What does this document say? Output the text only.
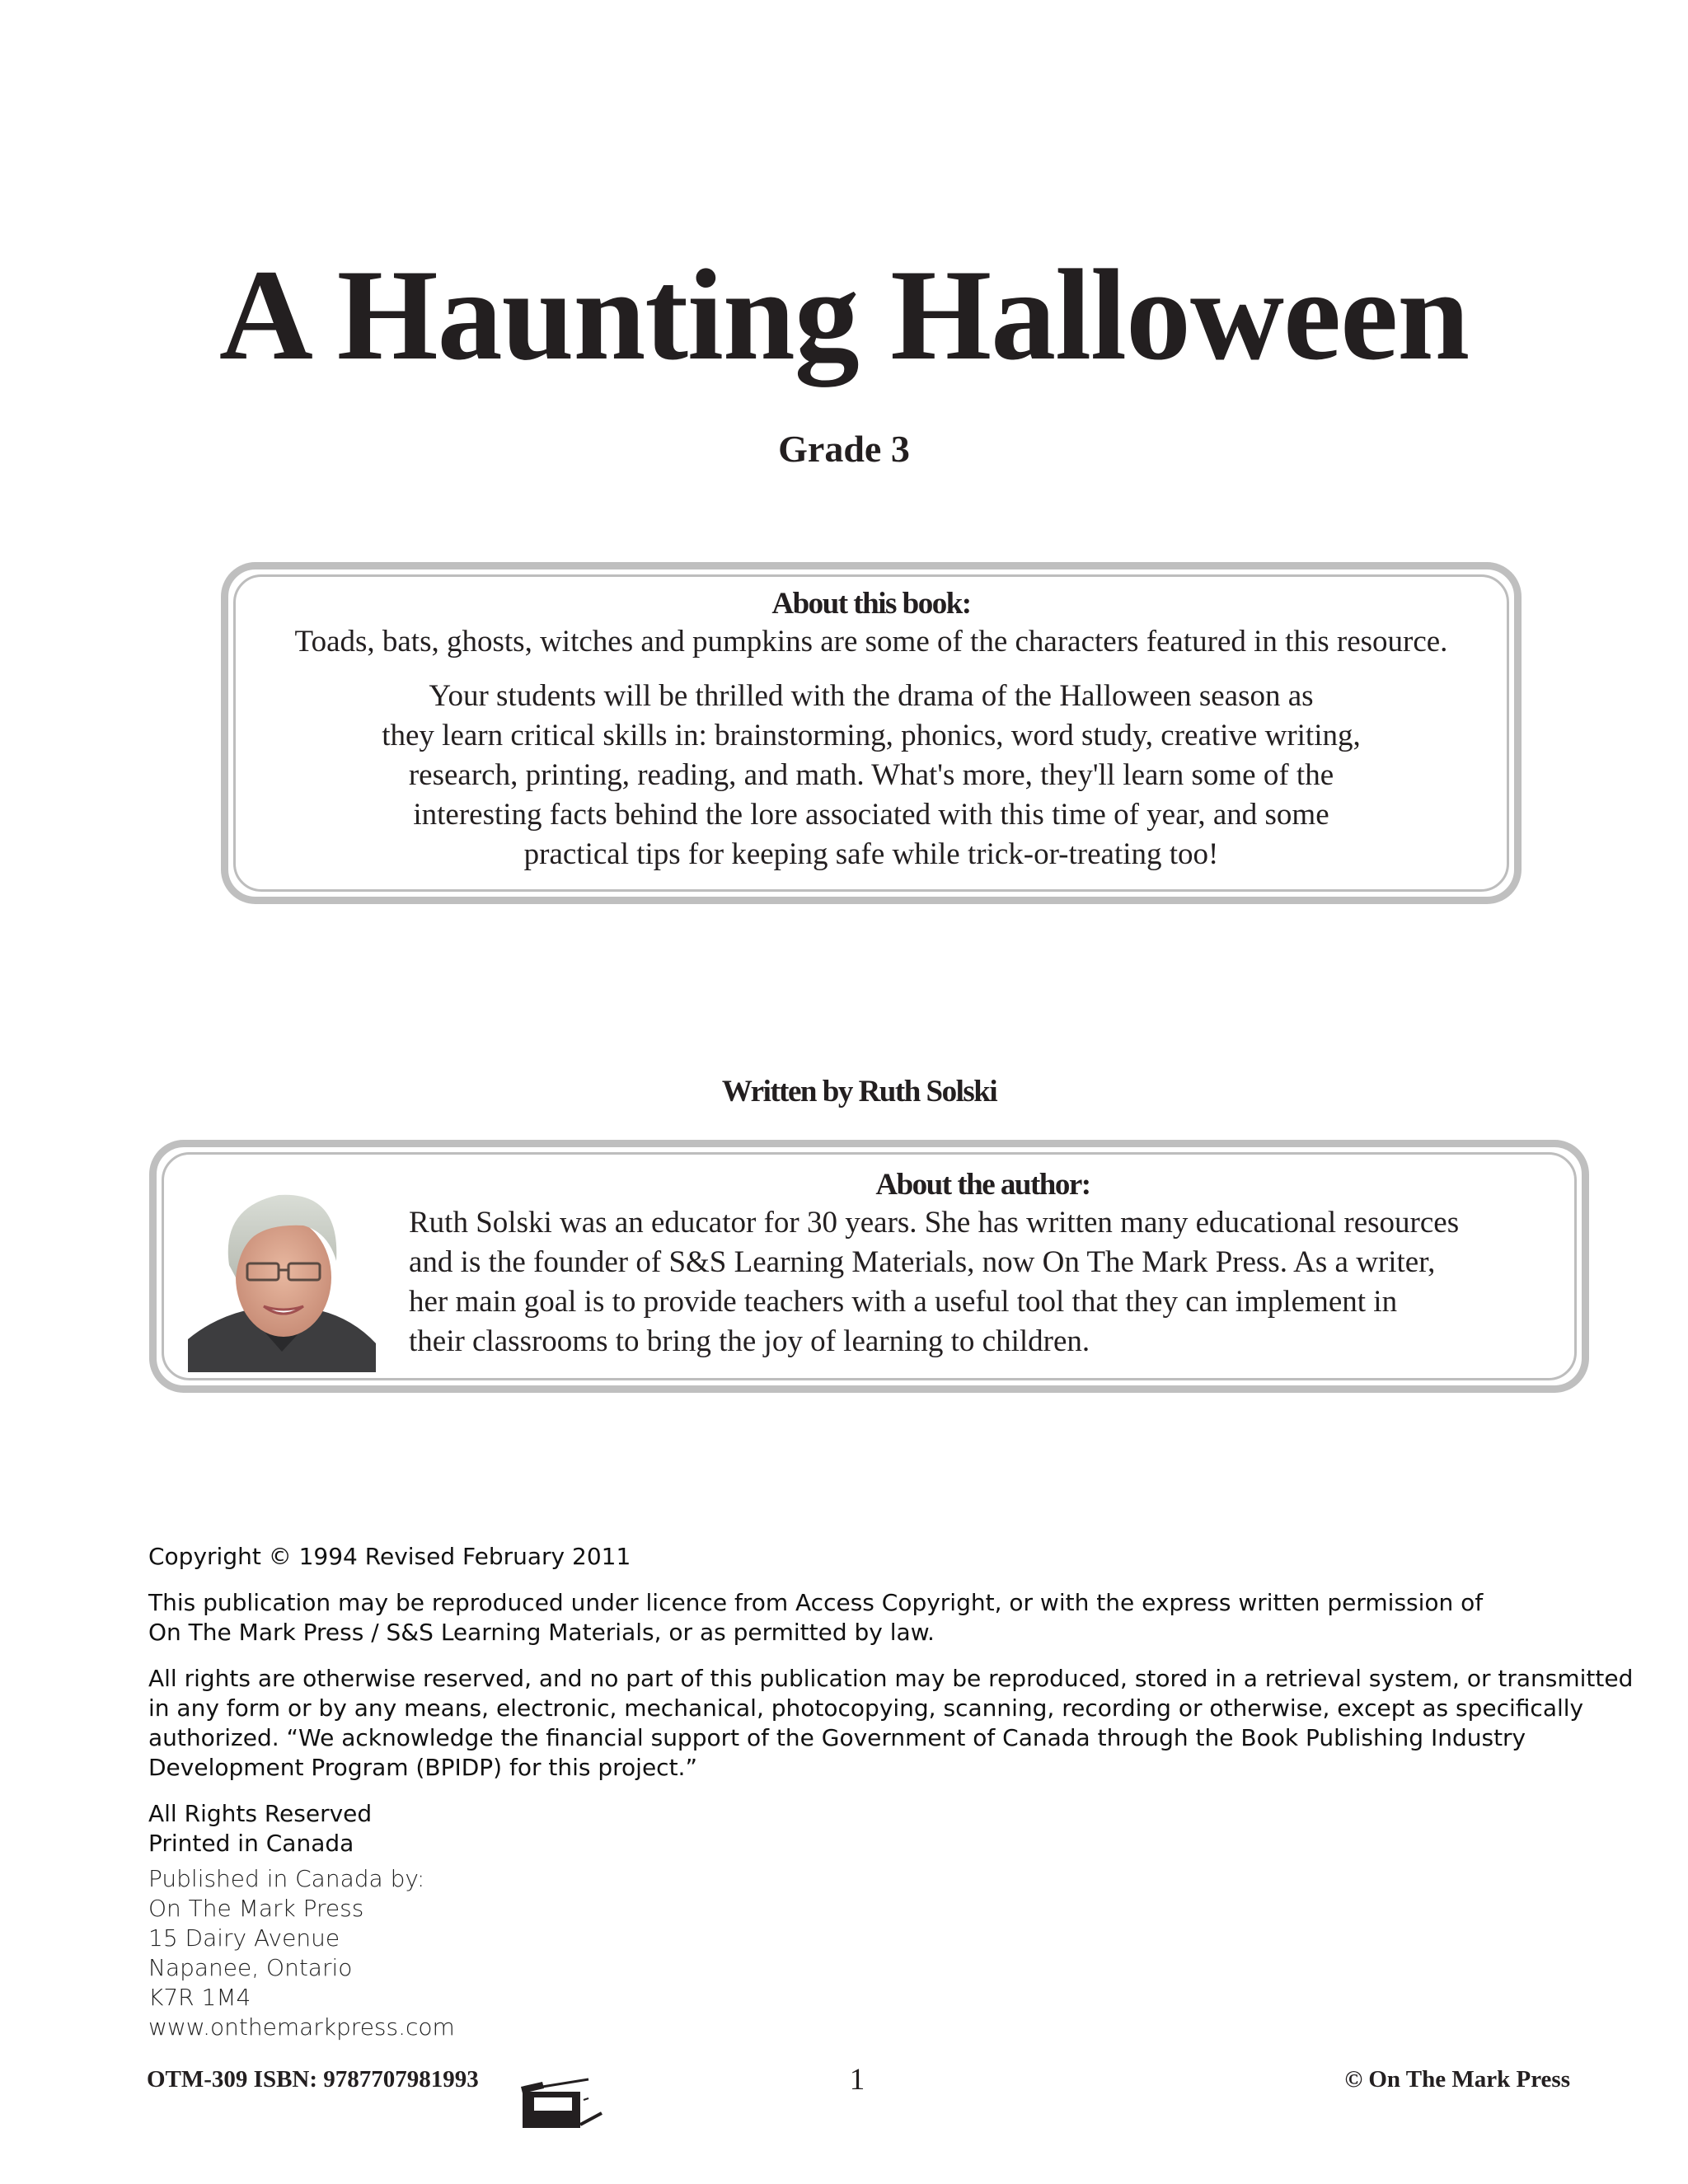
A Haunting Halloween
Grade 3
About this book:

Toads, bats, ghosts, witches and pumpkins are some of the characters featured in this resource.

Your students will be thrilled with the drama of the Halloween season as
they learn critical skills in: brainstorming, phonics, word study, creative writing,
research, printing, reading, and math. What's more, they'll learn some of the
interesting facts behind the lore associated with this time of year, and some
practical tips for keeping safe while trick-or-treating too!

Written by Ruth Solski
About the author:
Ruth Solski was an educator for 30 years. She has written many educational resources
and is the founder of S&S Learning Materials, now On The Mark Press. As a writer,
her main goal is to provide teachers with a useful tool that they can implement in
their classrooms to bring the joy of learning to children.

Copyright © 1994 Revised February 2011

This publication may be reproduced under licence from Access Copyright, or with the express written permission of
On The Mark Press / S&S Learning Materials, or as permitted by law.

All rights are otherwise reserved, and no part of this publication may be reproduced, stored in a retrieval system, or transmitted
in any form or by any means, electronic, mechanical, photocopying, scanning, recording or otherwise, except as specifically
authorized. “We acknowledge the financial support of the Government of Canada through the Book Publishing Industry
Development Program (BPIDP) for this project.”

All Rights Reserved
Printed in Canada

Published in Canada by:
On The Mark Press
15 Dairy Avenue
Napanee, Ontario
K7R 1M4
www.onthemarkpress.com
OTM-309 ISBN: 9787707981993	1	© On The Mark Press
